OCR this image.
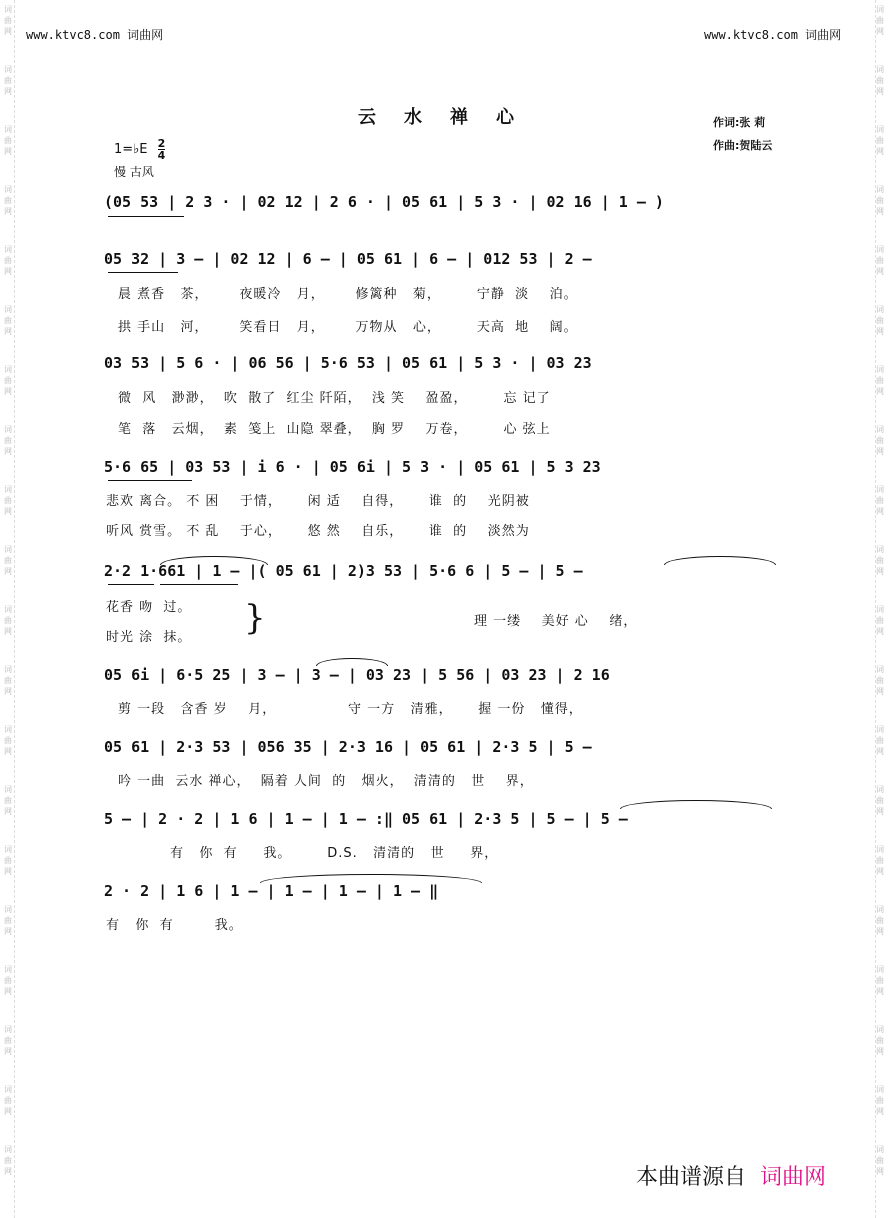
词
曲
网
词
曲
网
词
曲
网
词
曲
网
词
曲
网
词
曲
网
词
曲
网
词
曲
网
词
曲
网
词
曲
网
词
曲
网
词
曲
网
词
曲
网
词
曲
网
词
曲
网
词
曲
网
词
曲
网
词
曲
网
词
曲
网
词
曲
网
词
曲
网
词
曲
网
词
曲
网
词
曲
网
词
曲
网
词
曲
网
词
曲
网
词
曲
网
词
曲
网
词
曲
网
词
曲
网
词
曲
网
词
曲
网
词
曲
网
词
曲
网
词
曲
网
词
曲
网
词
曲
网
词
曲
网
词
曲
网
www.ktvc8.com 词曲网	www.ktvc8.com 词曲网
云水禅心	作词:张 莉
作曲:贺陆云
1=♭E $\frac{2}{4}$
慢 古风
(05 53 | 2 3 · | 02 12 | 2 6 · | 05 61 | 5 3 · | 02 16 | 1 — )
05 32 | 3 — | 02 12 | 6 — | 05 61 | 6 — | 012 53 | 2 —
晨 煮香   茶，      夜暖冷   月，      修篱种   菊，       宁静  淡    泊。
拱 手山   河，      笑看日   月，      万物从   心，       天高  地    阔。
03 53 | 5 6 · | 06 56 | 5·6 53 | 05 61 | 5 3 · | 03 23
微  风   渺渺，  吹  散了  红尘 阡陌，  浅 笑    盈盈，       忘 记了
笔  落   云烟，  素  笺上  山隐 翠叠，  胸 罗    万卷，       心 弦上
5·6 65 | 03 53 | i 6 · | 05 6i | 5 3 · | 05 61 | 5 3 23
悲欢 离合。 不 困    于情，     闲 适    自得，     谁  的    光阴被
听风 赏雪。 不 乱    于心，     悠 然    自乐，     谁  的    淡然为
2·2 1·661 | 1 — |( 05 61 | 2)3 53 | 5·6 6 | 5 — | 5 —
花香 吻  过。
时光 涂  抹。 }	理 一缕    美好 心    绪，
05 6i | 6·5 25 | 3 — | 3 — | 03 23 | 5 56 | 03 23 | 2 16
剪 一段   含香 岁    月，              守 一方   清雅，     握 一份   懂得，
05 61 | 2·3 53 | 056 35 | 2·3 16 | 05 61 | 2·3 5 | 5 —
吟 一曲  云水 禅心，  隔着 人间  的   烟火，  清清的   世    界，
5 — | 2 · 2 | 1 6 | 1 — | 1 — :‖ 05 61 | 2·3 5 | 5 — | 5 —
有   你  有     我。       D.S.   清清的   世     界，
2 · 2 | 1 6 | 1 — | 1 — | 1 — | 1 — ‖
有   你  有        我。
本曲谱源自 词曲网
